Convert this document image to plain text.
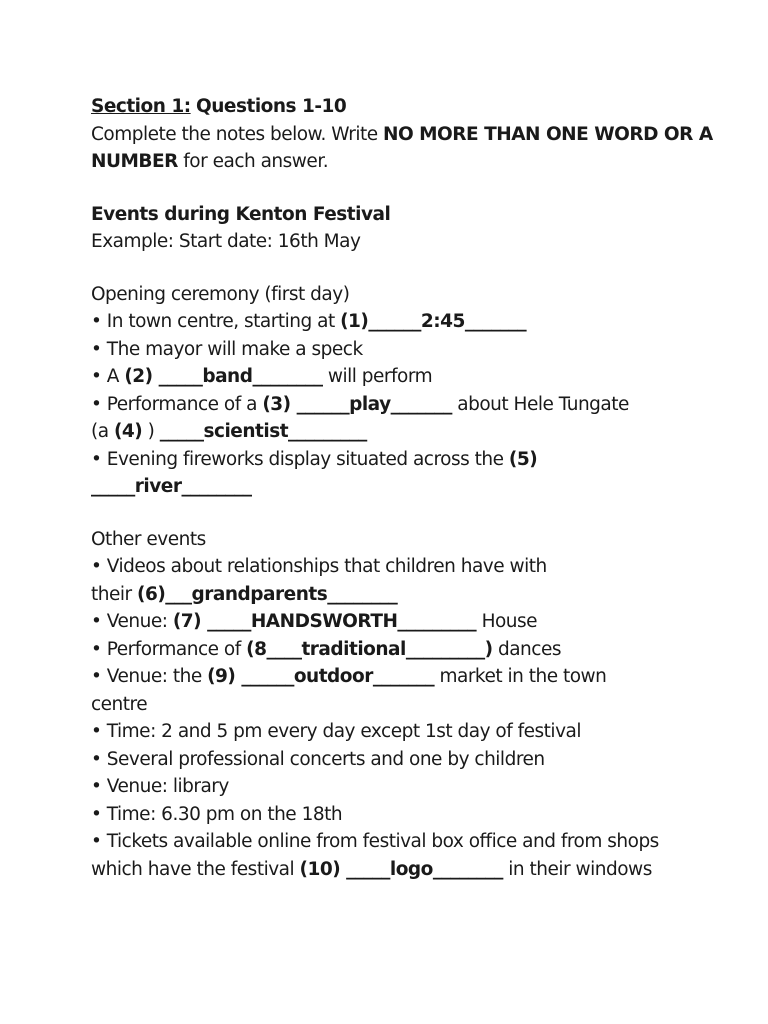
Section 1: Questions 1-10

Complete the notes below. Write NO MORE THAN ONE WORD OR A

NUMBER for each answer.

Events during Kenton Festival

Example: Start date: 16th May

Opening ceremony (first day)

• In town centre, starting at (1)______2:45_______

• The mayor will make a speck

• A (2) _____band________ will perform

• Performance of a (3) ______play_______ about Hele Tungate

(a (4) ) _____scientist_________

• Evening fireworks display situated across the (5)

_____river________

Other events

• Videos about relationships that children have with

their (6)___grandparents________

• Venue: (7) _____HANDSWORTH_________ House

• Performance of (8____traditional_________) dances

• Venue: the (9) ______outdoor_______ market in the town

centre

• Time: 2 and 5 pm every day except 1st day of festival

• Several professional concerts and one by children

• Venue: library

• Time: 6.30 pm on the 18th

• Tickets available online from festival box office and from shops

which have the festival (10) _____logo________ in their windows
